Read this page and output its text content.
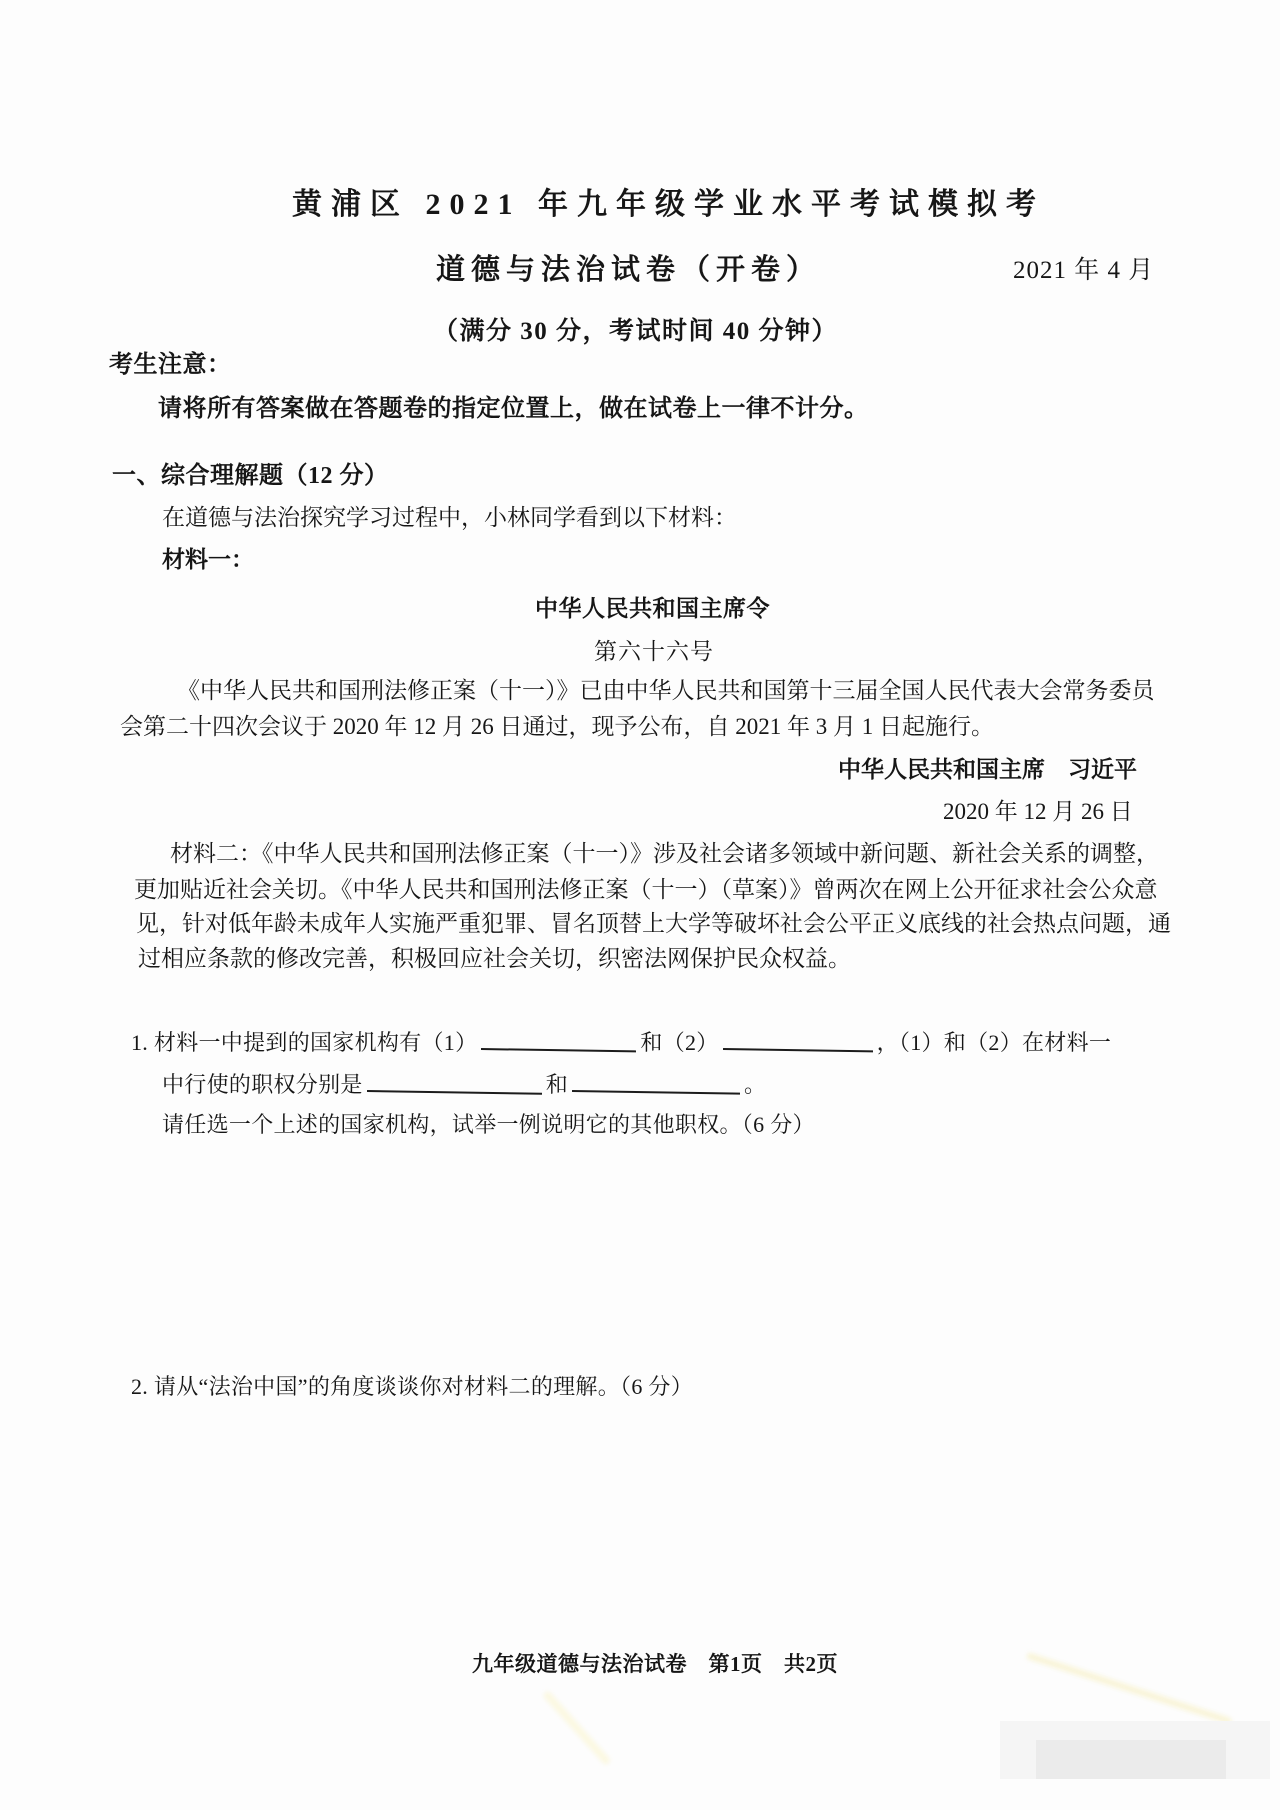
黄浦区 2021 年九年级学业水平考试模拟考
道德与法治试卷（开卷）	2021 年 4 月
（满分 30 分，考试时间 40 分钟）
考生注意：
请将所有答案做在答题卷的指定位置上，做在试卷上一律不计分。
一、综合理解题（12 分）
在道德与法治探究学习过程中，小林同学看到以下材料：
材料一：
中华人民共和国主席令
第六十六号
《中华人民共和国刑法修正案（十一）》已由中华人民共和国第十三届全国人民代表大会常务委员
会第二十四次会议于 2020 年 12 月 26 日通过，现予公布，自 2021 年 3 月 1 日起施行。
中华人民共和国主席　习近平
2020 年 12 月 26 日
材料二：《中华人民共和国刑法修正案（十一）》涉及社会诸多领域中新问题、新社会关系的调整，
更加贴近社会关切。《中华人民共和国刑法修正案（十一）（草案）》曾两次在网上公开征求社会公众意
见，针对低年龄未成年人实施严重犯罪、冒名顶替上大学等破坏社会公平正义底线的社会热点问题，通
过相应条款的修改完善，积极回应社会关切，织密法网保护民众权益。
1. 材料一中提到的国家机构有（1）	和（2）	，（1）和（2）在材料一
中行使的职权分别是	和	。
请任选一个上述的国家机构，试举一例说明它的其他职权。（6 分）
2. 请从“法治中国”的角度谈谈你对材料二的理解。（6 分）
九年级道德与法治试卷　第1页　共2页
